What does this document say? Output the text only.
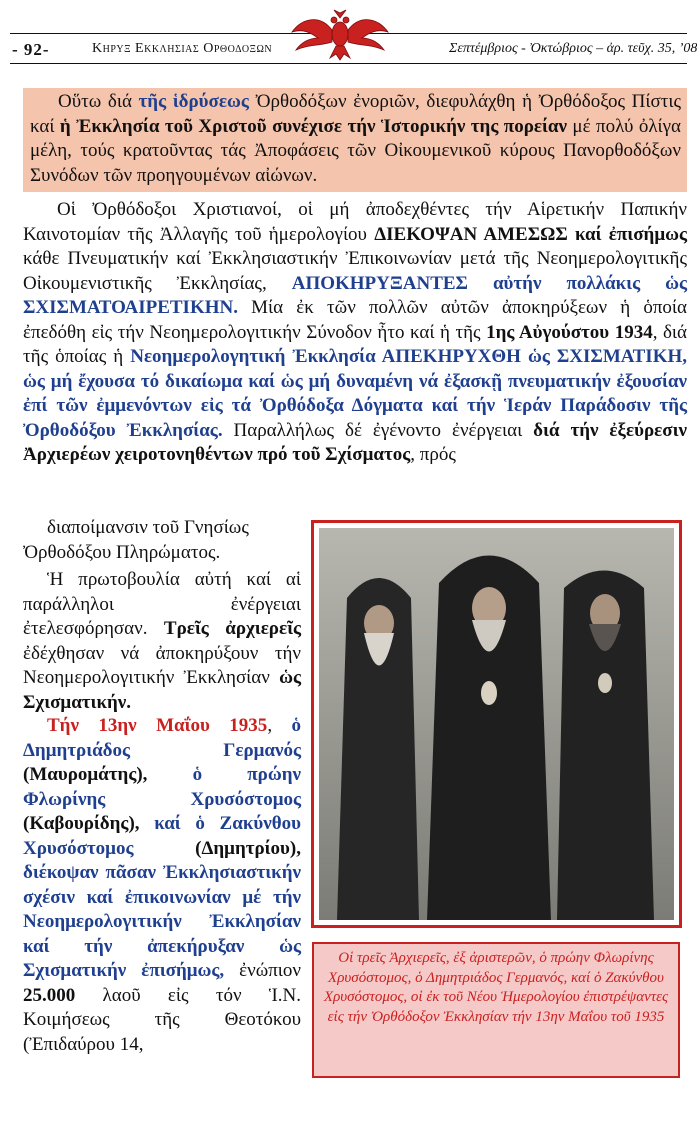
- 92-	Κηρυξ Εκκλησιας Ορθοδοξων	Σεπτέμβριος - Ὀκτώβριος – ἀρ. τεῦχ. 35, ’08
Οὕτω διά τῆς ἱδρύσεως Ὀρθοδόξων ἐνοριῶν, διεφυλάχθη ἡ Ὀρθόδοξος Πίστις καί ἡ Ἐκκλησία τοῦ Χριστοῦ συνέχισε τήν Ἱστορικήν της πορείαν μέ πολύ ὀλίγα μέλη, τούς κρατοῦντας τάς Ἀποφάσεις τῶν Οἰκουμενικοῦ κύρους Πανορθοδόξων Συνόδων τῶν προηγουμένων αἰώνων.
Οἱ Ὀρθόδοξοι Χριστιανοί, οἱ μή ἀποδεχθέντες τήν Αἱρετικήν Παπικήν Καινοτομίαν τῆς Ἀλλαγῆς τοῦ ἡμερολογίου ΔΙΕΚΟΨΑΝ ΑΜΕΣΩΣ καί ἐπισήμως κάθε Πνευματικήν καί Ἐκκλησιαστικήν Ἐπικοινωνίαν μετά τῆς Νεοημερολογιτικῆς Οἰκουμενιστικῆς Ἐκκλησίας, ΑΠΟΚΗΡΥΞΑΝΤΕΣ αὐτήν πολλάκις ὡς ΣΧΙΣΜΑΤΟΑΙΡΕΤΙΚΗΝ. Μία ἐκ τῶν πολλῶν αὐτῶν ἀποκηρύξεων ἡ ὁποία ἐπεδόθη εἰς τήν Νεοημερολογιτικήν Σύνοδον ἦτο καί ἡ τῆς 1ης Αὐγούστου 1934, διά τῆς ὁποίας ἡ Νεοημερολογητική Ἐκκλησία ΑΠΕΚΗΡΥΧΘΗ ὡς ΣΧΙΣΜΑΤΙΚΗ, ὡς μή ἔχουσα τό δικαίωμα καί ὡς μή δυναμένη νά ἐξασκῇ πνευματικήν ἐξουσίαν ἐπί τῶν ἐμμενόντων εἰς τά Ὀρθόδοξα Δόγματα καί τήν Ἱεράν Παράδοσιν τῆς Ὀρθοδόξου Ἐκκλησίας. Παραλλήλως δέ ἐγένοντο ἐνέργειαι διά τήν ἐξεύρεσιν Ἀρχιερέων χειροτονηθέντων πρό τοῦ Σχίσματος, πρός
διαποίμανσιν τοῦ Γνησίως Ὀρθοδόξου Πληρώματος.
Ἡ πρωτοβουλία αὐτή καί αἱ παράλληλοι ἐνέργειαι ἐτελεσφόρησαν. Τρεῖς ἀρχιερεῖς ἐδέχθησαν νά ἀποκηρύξουν τήν Νεοημερολογιτικήν Ἐκκλησίαν ὡς Σχισματικήν.
Τήν 13ην Μαΐου 1935, ὁ Δημητριάδος Γερμανός (Μαυρομάτης), ὁ πρώην Φλωρίνης Χρυσόστομος (Καβουρίδης), καί ὁ Ζακύνθου Χρυσόστομος (Δημητρίου), διέκοψαν πᾶσαν Ἐκκλησιαστικήν σχέσιν καί ἐπικοινωνίαν μέ τήν Νεοημερολογιτικήν Ἐκκλησίαν καί τήν ἀπεκήρυξαν ὡς Σχισματικήν ἐπισήμως, ἐνώπιον 25.000 λαοῦ εἰς τόν Ἱ.Ν. Κοιμήσεως τῆς Θεοτόκου (Ἐπιδαύρου 14,
Οἱ τρεῖς Ἀρχιερεῖς, ἐξ ἀριστερῶν, ὁ πρώην Φλωρίνης Χρυσόστομος, ὁ Δημητριάδος Γερμανός, καί ὁ Ζακύνθου Χρυσόστομος, οἱ ἐκ τοῦ Νέου Ἡμερολογίου ἐπιστρέψαντες εἰς τήν Ὀρθόδοξον Ἐκκλησίαν τήν 13ην Μαΐου τοῦ 1935
